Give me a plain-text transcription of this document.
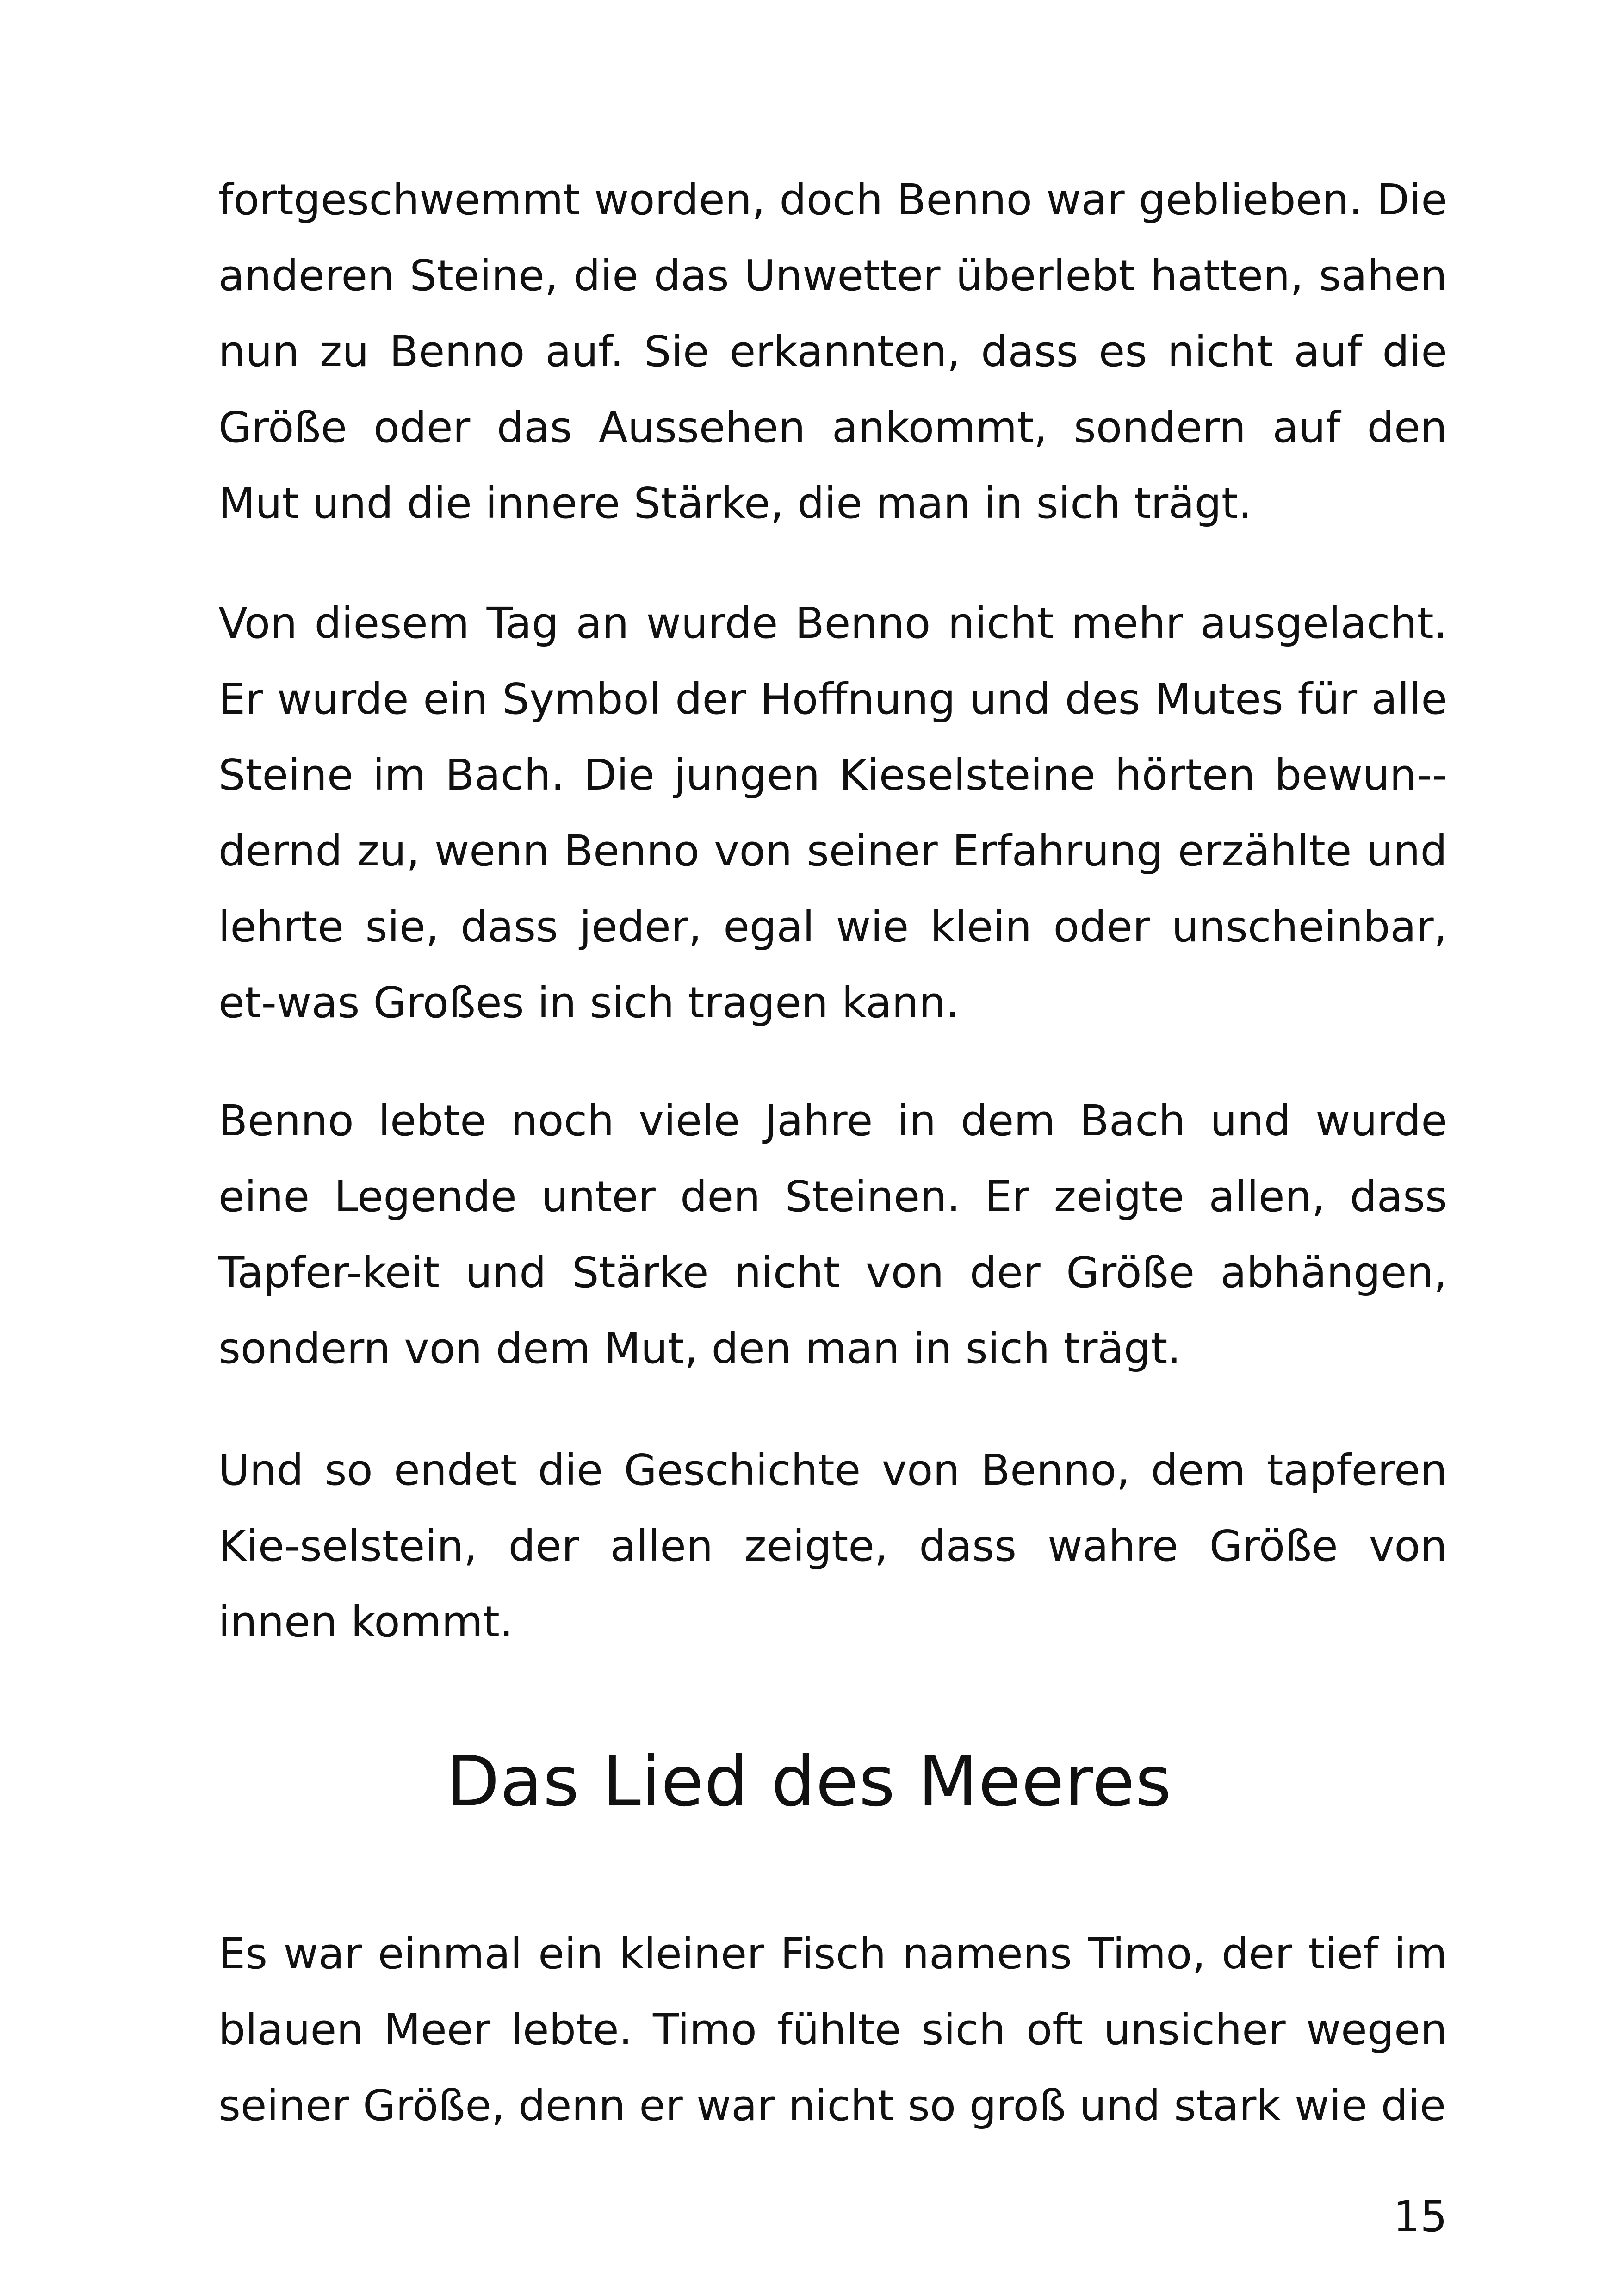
fortgeschwemmt worden, doch Benno war geblieben. Die anderen Steine, die das Unwetter überlebt hatten, sahen nun zu Benno auf. Sie erkannten, dass es nicht auf die Größe oder das Aussehen ankommt, sondern auf den Mut und die innere Stärke, die man in sich trägt.

Von diesem Tag an wurde Benno nicht mehr ausgelacht. Er wurde ein Symbol der Hoffnung und des Mutes für alle Steine im Bach. Die jungen Kieselsteine hörten bewun-dernd zu, wenn Benno von seiner Erfahrung erzählte und lehrte sie, dass jeder, egal wie klein oder unscheinbar, et-was Großes in sich tragen kann.

Benno lebte noch viele Jahre in dem Bach und wurde eine Legende unter den Steinen. Er zeigte allen, dass Tapfer-keit und Stärke nicht von der Größe abhängen, sondern von dem Mut, den man in sich trägt.

Und so endet die Geschichte von Benno, dem tapferen Kie-selstein, der allen zeigte, dass wahre Größe von innen kommt.

Das Lied des Meeres

Es war einmal ein kleiner Fisch namens Timo, der tief im blauen Meer lebte. Timo fühlte sich oft unsicher wegen seiner Größe, denn er war nicht so groß und stark wie die

15
